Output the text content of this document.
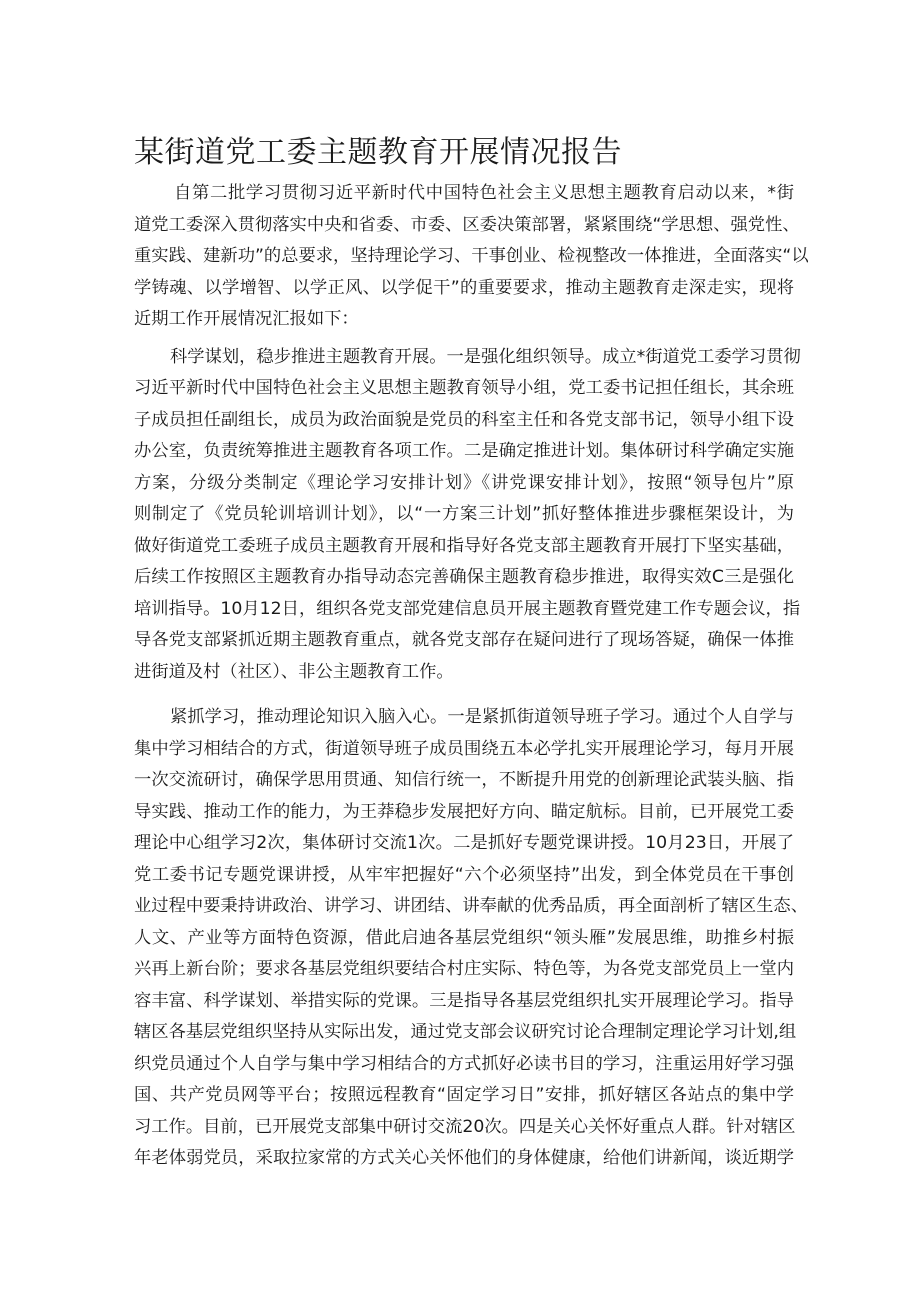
某街道党工委主题教育开展情况报告
自第二批学习贯彻习近平新时代中国特色社会主义思想主题教育启动以来，*街
道党工委深入贯彻落实中央和省委、市委、区委决策部署，紧紧围绕“学思想、强党性、
重实践、建新功”的总要求，坚持理论学习、干事创业、检视整改一体推进，全面落实“以
学铸魂、以学增智、以学正风、以学促干”的重要要求，推动主题教育走深走实，现将
近期工作开展情况汇报如下：
科学谋划，稳步推进主题教育开展。一是强化组织领导。成立*街道党工委学习贯彻
习近平新时代中国特色社会主义思想主题教育领导小组，党工委书记担任组长，其余班
子成员担任副组长，成员为政治面貌是党员的科室主任和各党支部书记，领导小组下设
办公室，负责统筹推进主题教育各项工作。二是确定推进计划。集体研讨科学确定实施
方案，分级分类制定《理论学习安排计划》《讲党课安排计划》，按照“领导包片”原
则制定了《党员轮训培训计划》，以“一方案三计划”抓好整体推进步骤框架设计，为
做好街道党工委班子成员主题教育开展和指导好各党支部主题教育开展打下坚实基础，
后续工作按照区主题教育办指导动态完善确保主题教育稳步推进，取得实效C三是强化
培训指导。10月12日，组织各党支部党建信息员开展主题教育暨党建工作专题会议，指
导各党支部紧抓近期主题教育重点，就各党支部存在疑问进行了现场答疑，确保一体推
进街道及村（社区）、非公主题教育工作。
紧抓学习，推动理论知识入脑入心。一是紧抓街道领导班子学习。通过个人自学与
集中学习相结合的方式，街道领导班子成员围绕五本必学扎实开展理论学习，每月开展
一次交流研讨，确保学思用贯通、知信行统一，不断提升用党的创新理论武装头脑、指
导实践、推动工作的能力，为王莽稳步发展把好方向、瞄定航标。目前，已开展党工委
理论中心组学习2次，集体研讨交流1次。二是抓好专题党课讲授。10月23日，开展了
党工委书记专题党课讲授，从牢牢把握好“六个必须坚持”出发，到全体党员在干事创
业过程中要秉持讲政治、讲学习、讲团结、讲奉献的优秀品质，再全面剖析了辖区生态、
人文、产业等方面特色资源，借此启迪各基层党组织“领头雁”发展思维，助推乡村振
兴再上新台阶；要求各基层党组织要结合村庄实际、特色等，为各党支部党员上一堂内
容丰富、科学谋划、举措实际的党课。三是指导各基层党组织扎实开展理论学习。指导
辖区各基层党组织坚持从实际出发，通过党支部会议研究讨论合理制定理论学习计划,组
织党员通过个人自学与集中学习相结合的方式抓好必读书目的学习，注重运用好学习强
国、共产党员网等平台；按照远程教育“固定学习日”安排，抓好辖区各站点的集中学
习工作。目前，已开展党支部集中研讨交流20次。四是关心关怀好重点人群。针对辖区
年老体弱党员，采取拉家常的方式关心关怀他们的身体健康，给他们讲新闻，谈近期学
